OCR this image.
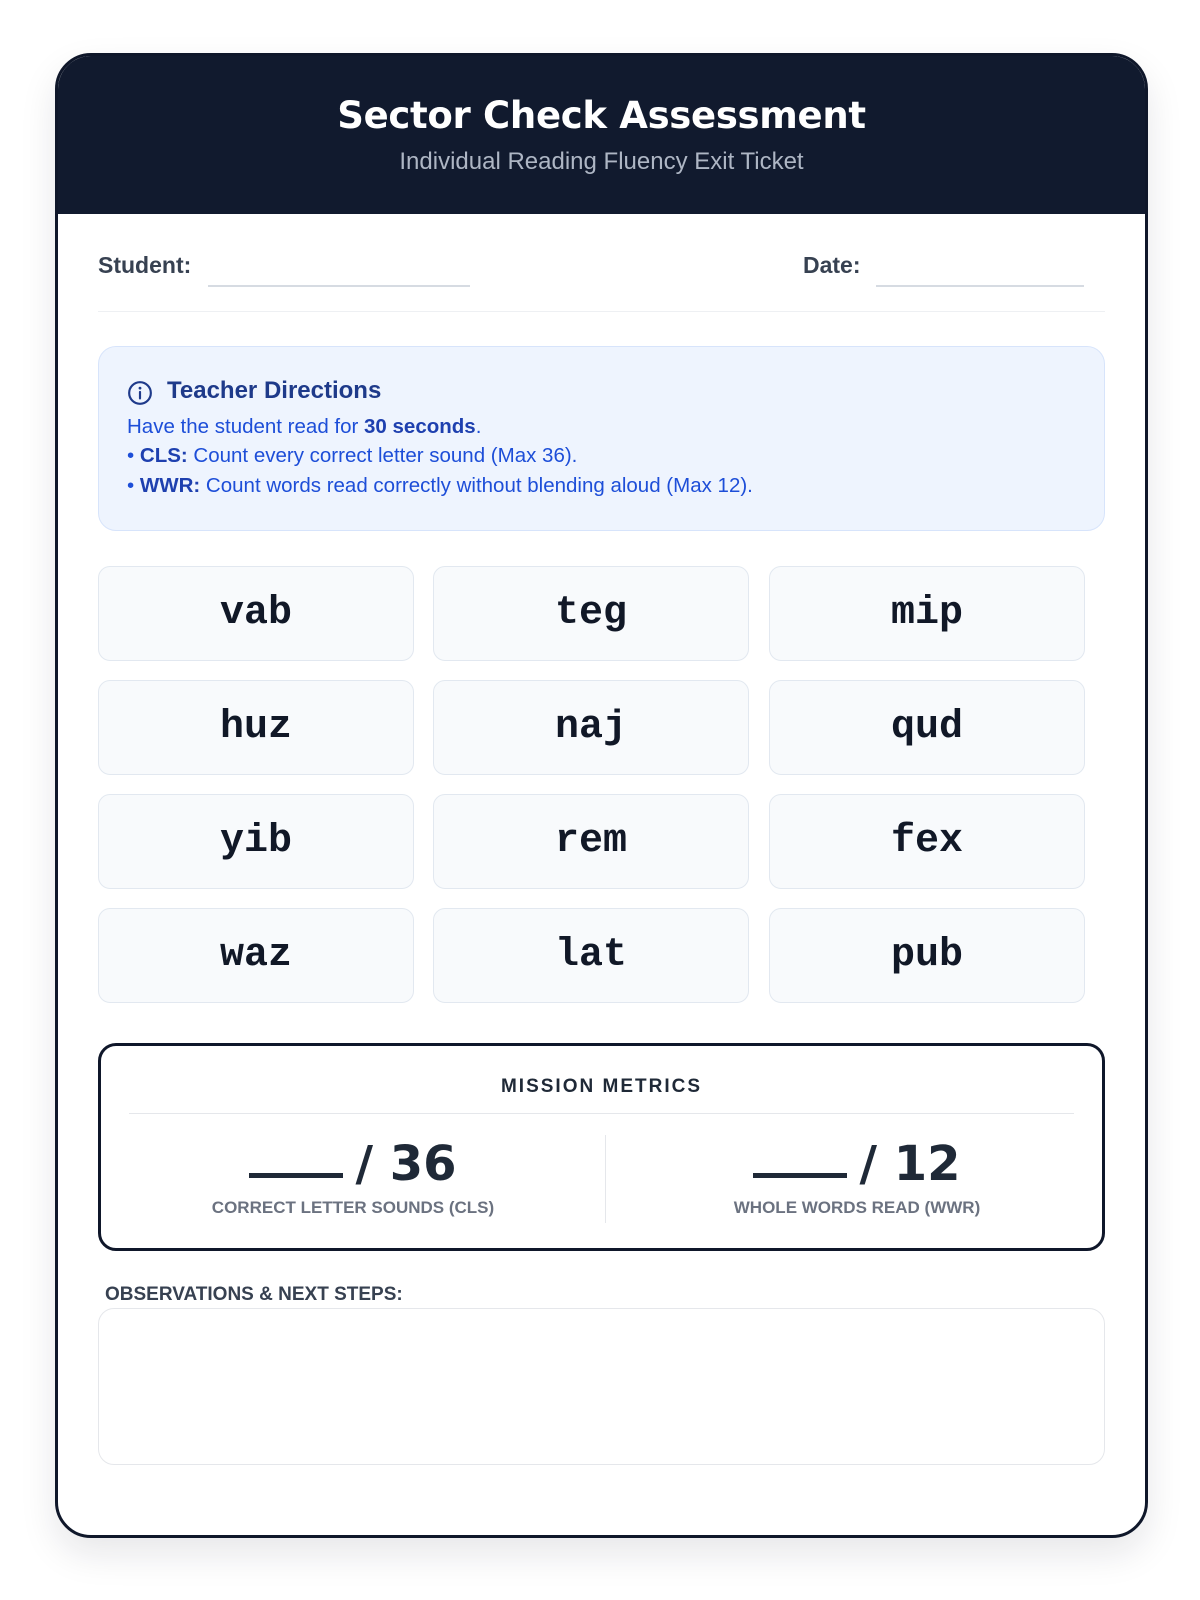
Sector Check Assessment
Individual Reading Fluency Exit Ticket
Student:	Date:
Teacher Directions
Have the student read for 30 seconds.
• CLS: Count every correct letter sound (Max 36).
• WWR: Count words read correctly without blending aloud (Max 12).
vab	teg	mip
huz	naj	qud
yib	rem	fex
waz	lat	pub
MISSION METRICS
/ 36
CORRECT LETTER SOUNDS (CLS)
/ 12
WHOLE WORDS READ (WWR)
OBSERVATIONS & NEXT STEPS:
